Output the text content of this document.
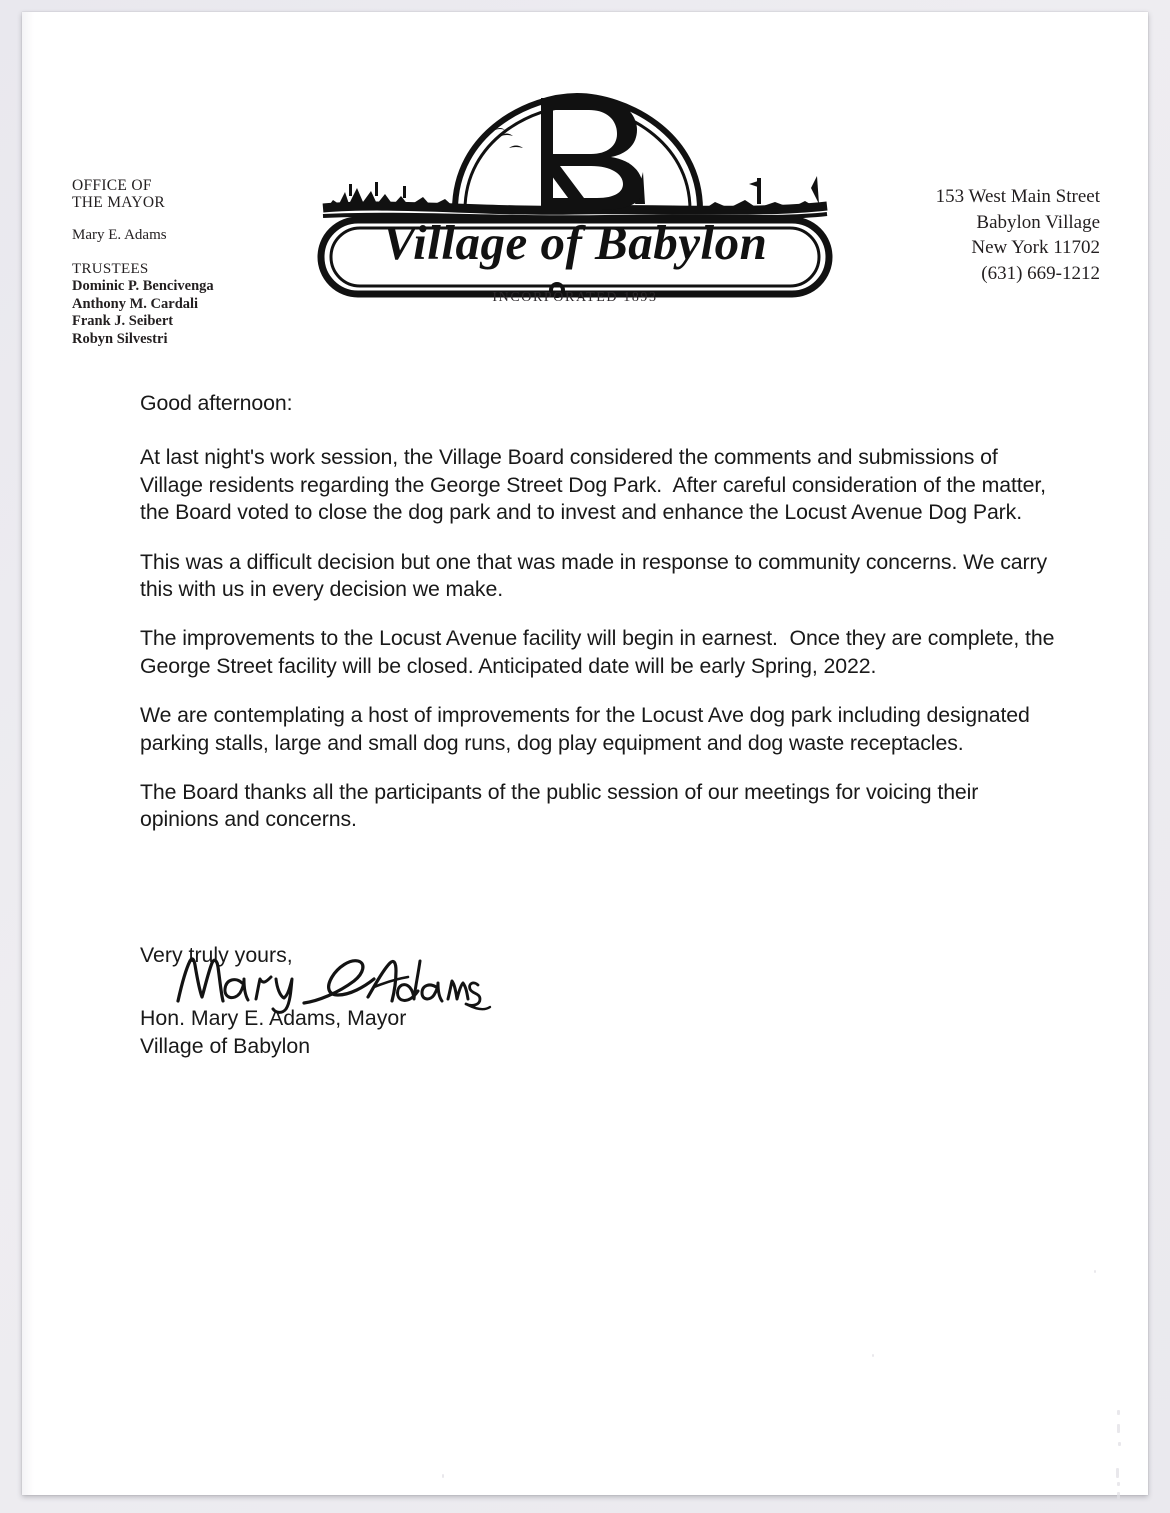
OFFICE OF
THE MAYOR
Mary E. Adams
TRUSTEES
Dominic P. Bencivenga
Anthony M. Cardali
Frank J. Seibert
Robyn Silvestri
153 West Main Street
Babylon Village
New York 11702
(631) 669-1212
Village of Babylon
INCORPORATED 1893

Good afternoon:

At last night's work session, the Village Board considered the comments and submissions of Village residents regarding the George Street Dog Park.  After careful consideration of the matter, the Board voted to close the dog park and to invest and enhance the Locust Avenue Dog Park.

This was a difficult decision but one that was made in response to community concerns. We carry this with us in every decision we make.

The improvements to the Locust Avenue facility will begin in earnest.  Once they are complete, the George Street facility will be closed. Anticipated date will be early Spring, 2022.

We are contemplating a host of improvements for the Locust Ave dog park including designated parking stalls, large and small dog runs, dog play equipment and dog waste receptacles.

The Board thanks all the participants of the public session of our meetings for voicing their opinions and concerns.

Very truly yours,
Hon. Mary E. Adams, Mayor
Village of Babylon
